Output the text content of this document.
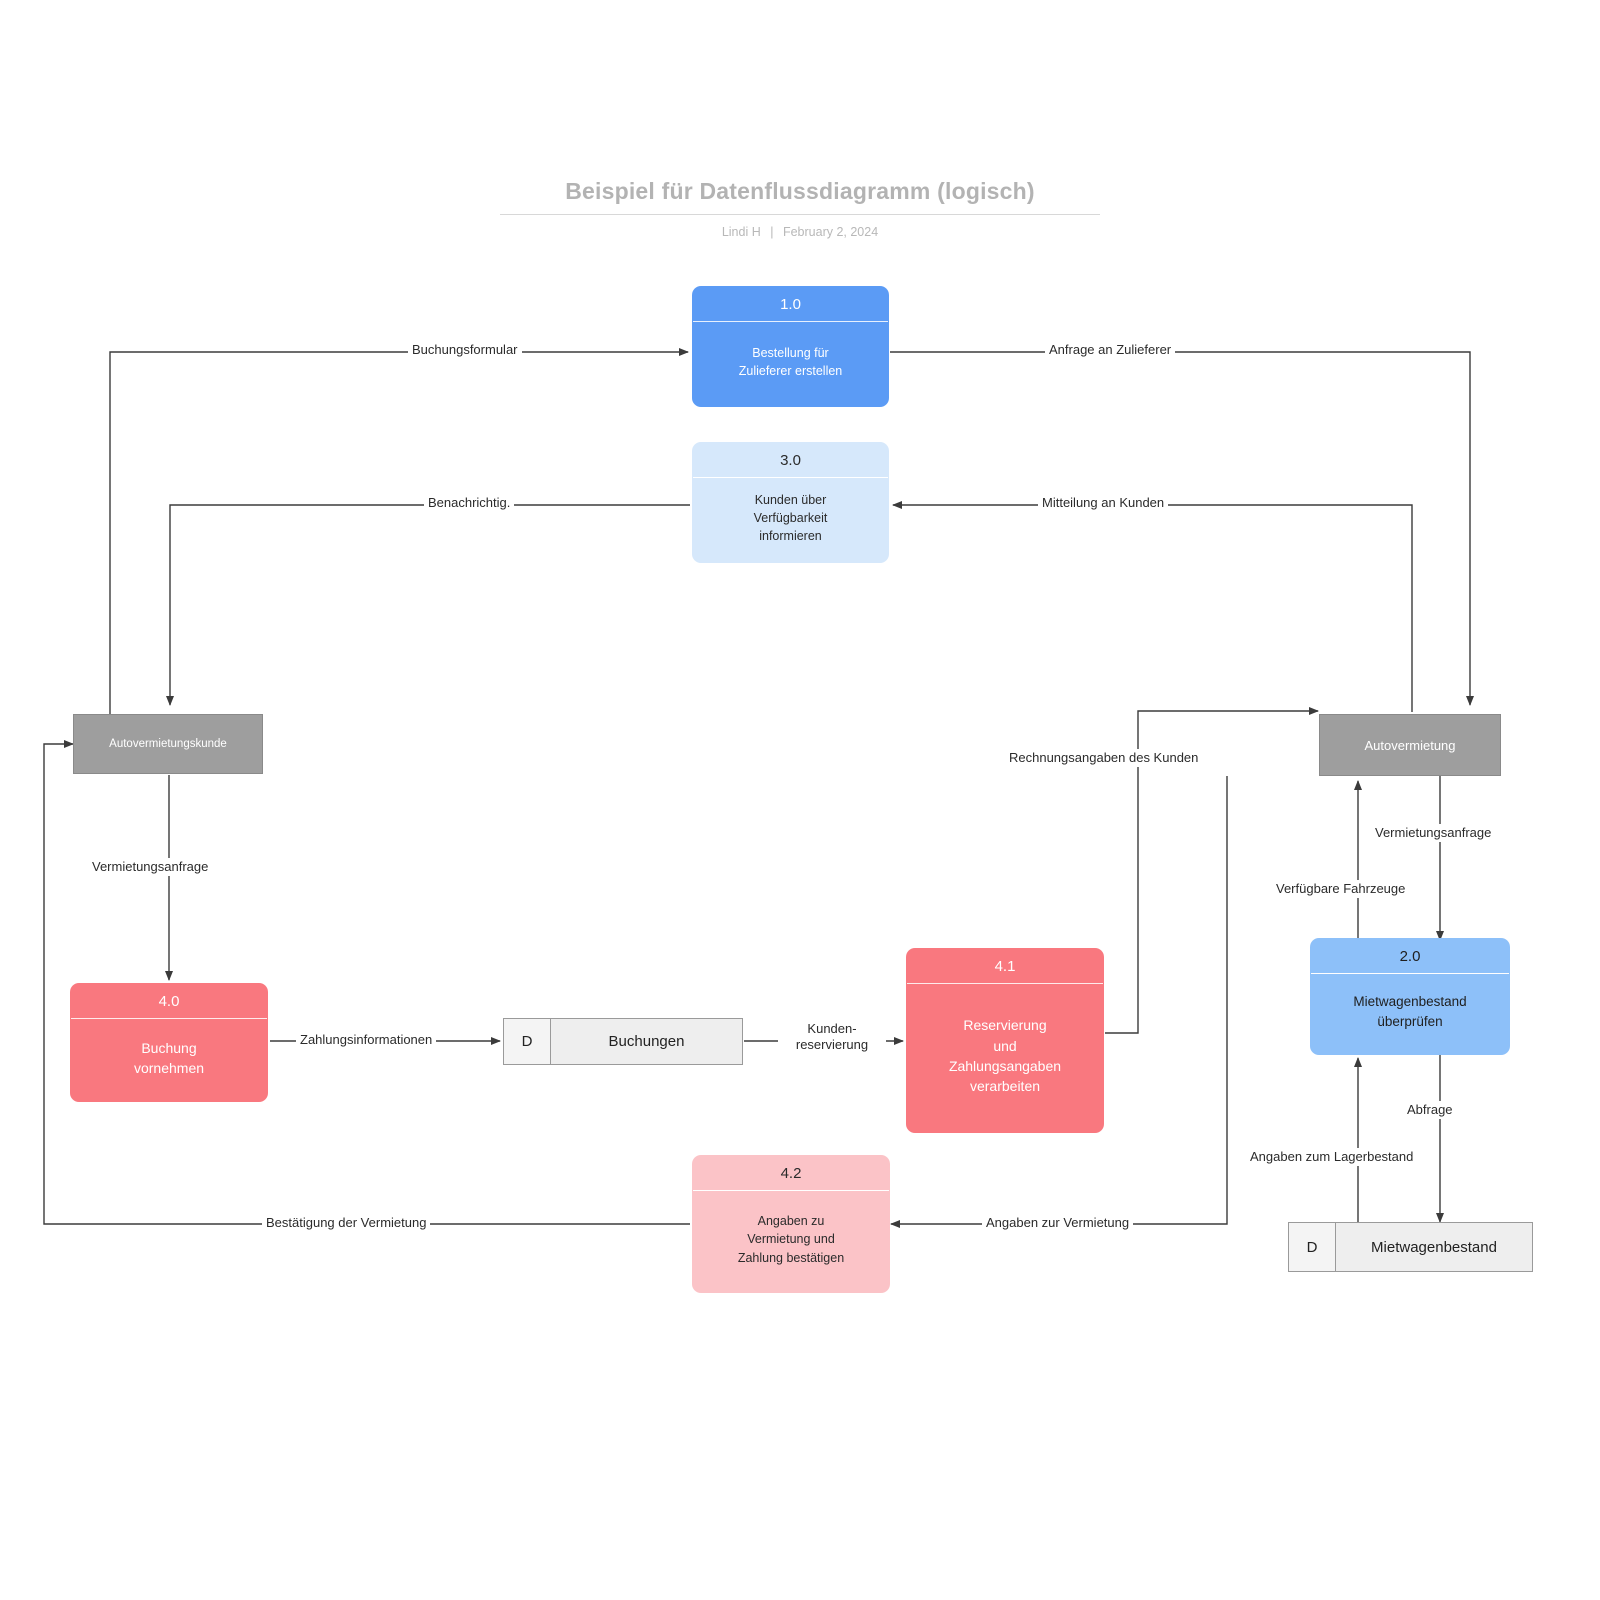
Beispiel für Datenflussdiagramm (logisch)
Lindi H | February 2, 2024
1.0
Bestellung für
Zulieferer erstellen
3.0
Kunden über
Verfügbarkeit
informieren
Autovermietungskunde	Autovermietung
2.0
Mietwagenbestand
überprüfen
4.0
Buchung
vornehmen
4.1
Reservierung
und
Zahlungsangaben
verarbeiten
4.2
Angaben zu
Vermietung und
Zahlung bestätigen
D	Buchungen
D	Mietwagenbestand
Buchungsformular	Anfrage an Zulieferer
Mitteilung an Kunden
Benachrichtig.
Vermietungsanfrage
Zahlungsinformationen
Kunden-
reservierung
Rechnungsangaben des Kunden
Vermietungsanfrage
Verfügbare Fahrzeuge
Abfrage
Angaben zum Lagerbestand
Angaben zur Vermietung
Bestätigung der Vermietung
